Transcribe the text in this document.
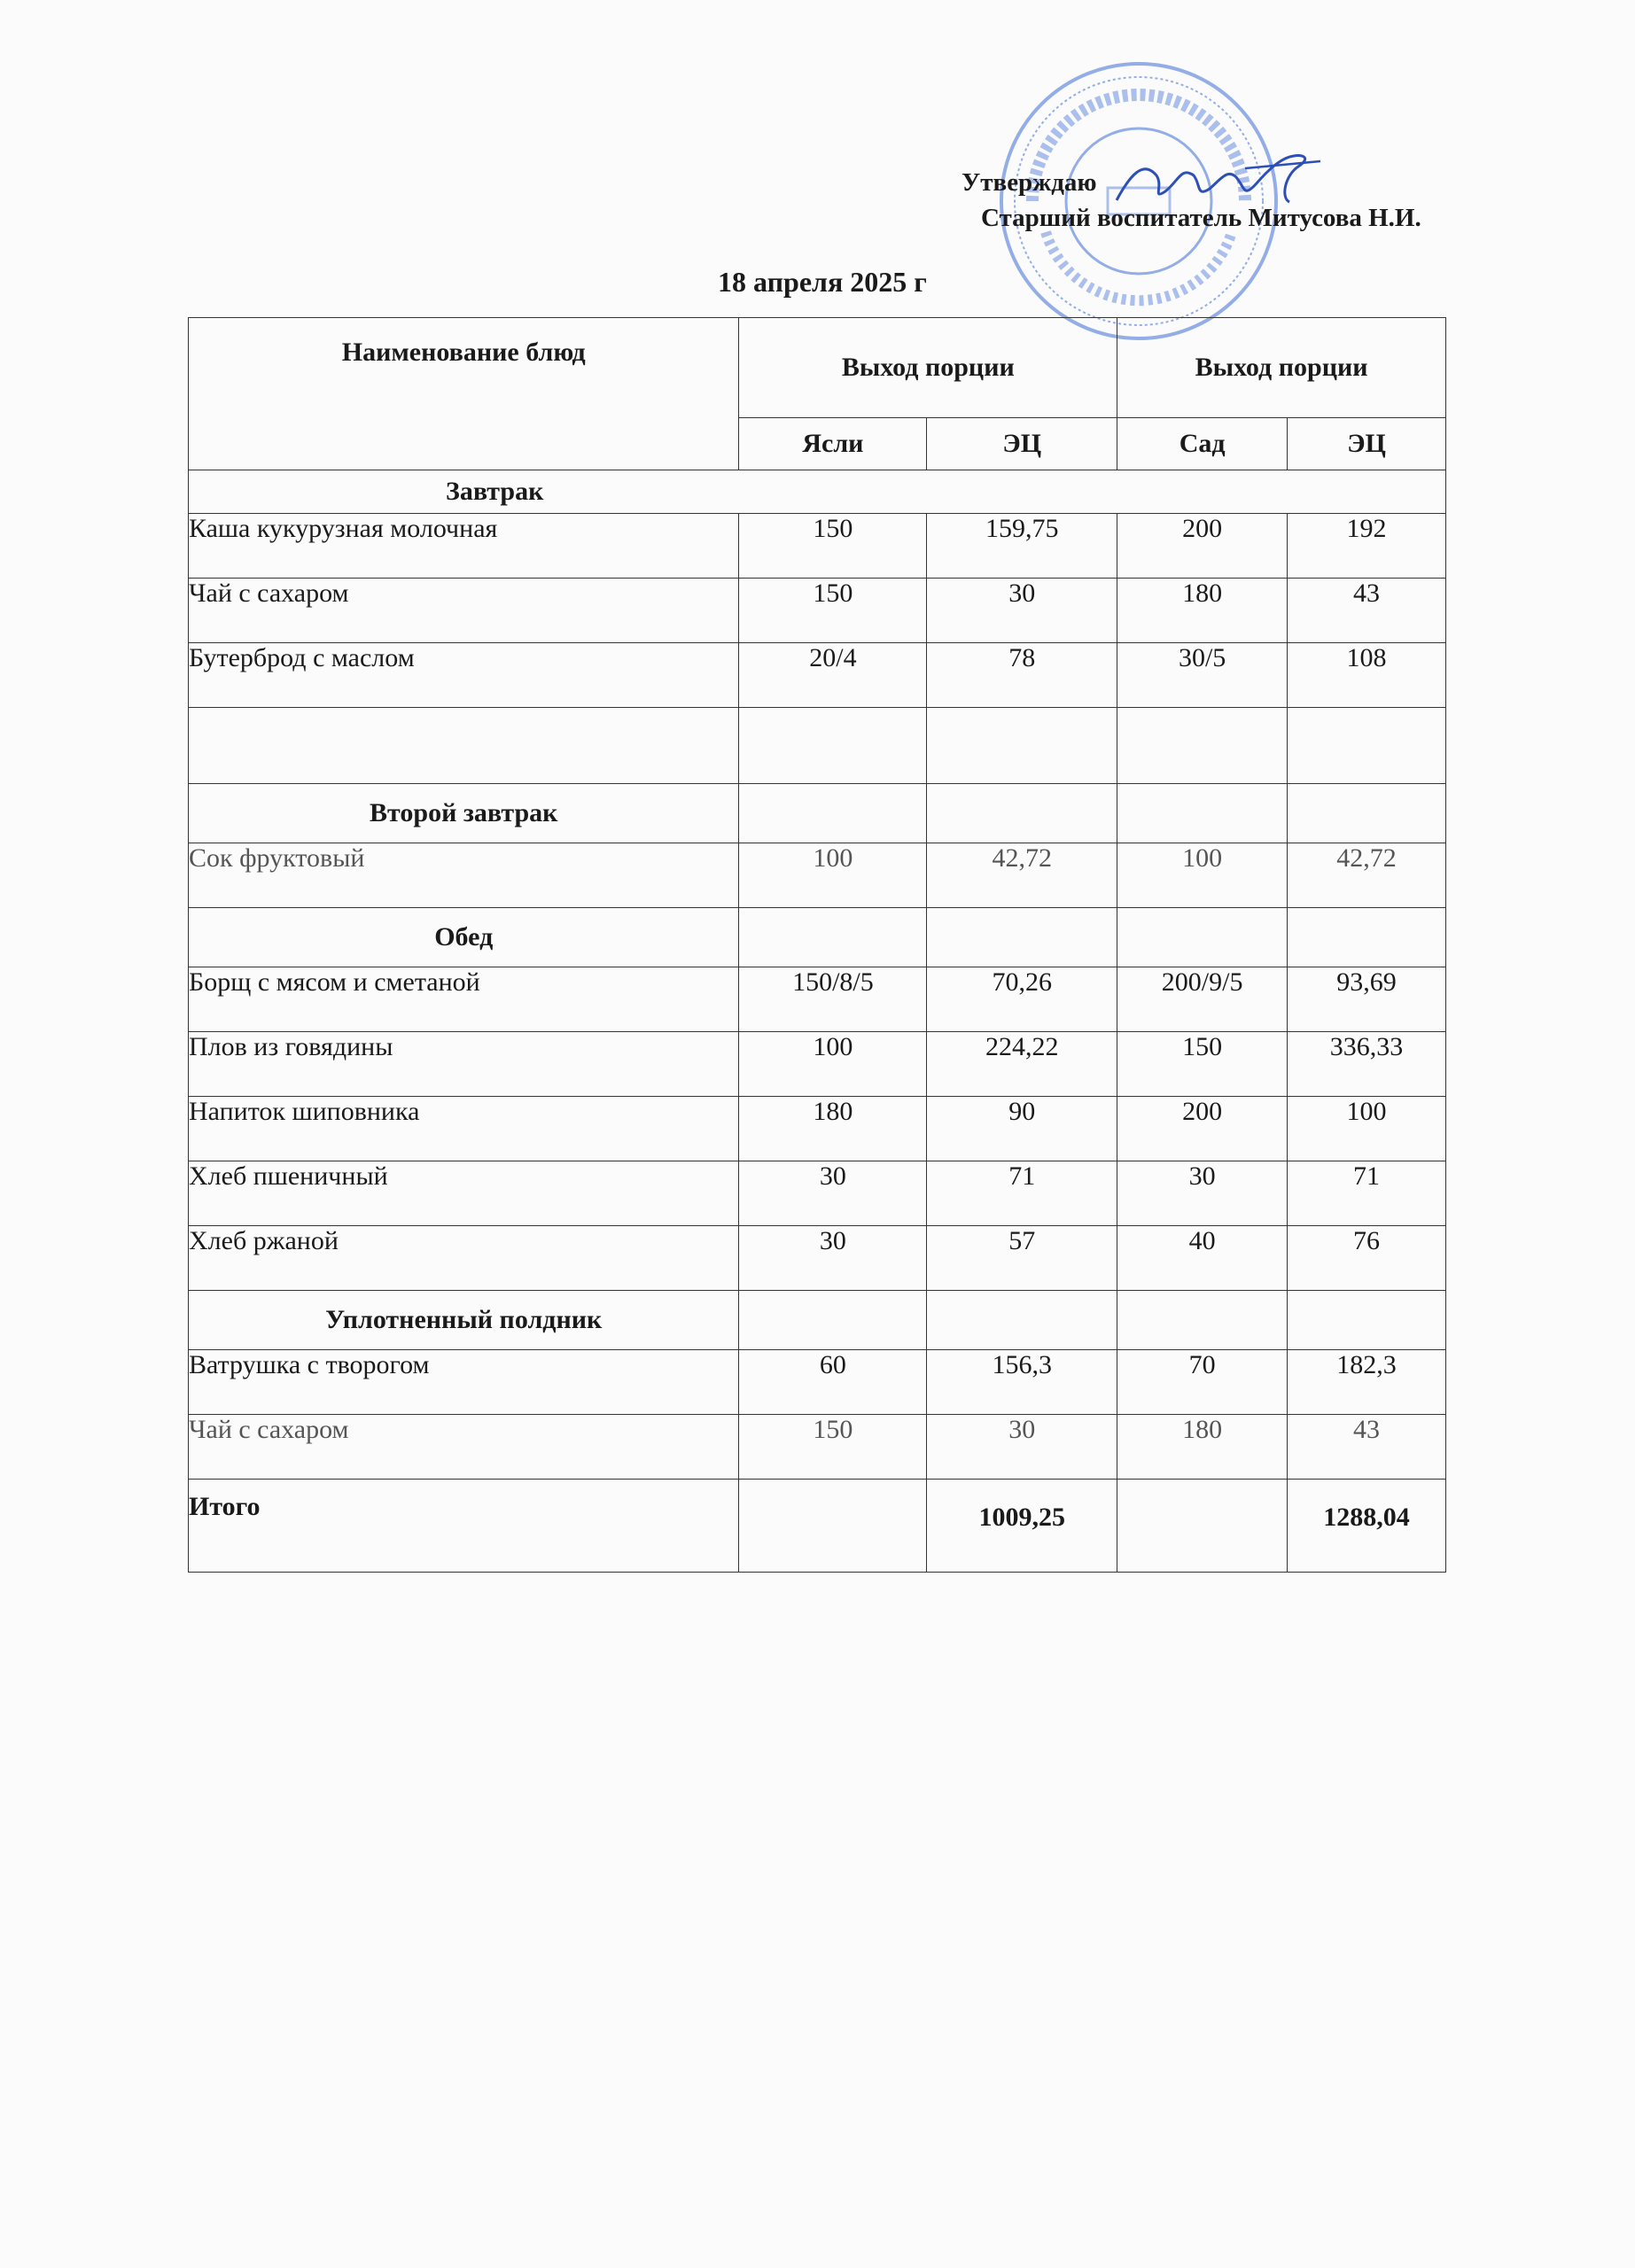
Утверждаю
Старший воспитатель Митусова Н.И.
18 апреля 2025 г
Наименование блюд	Выход порции		Выход порции	
	Ясли	ЭЦ	Сад	ЭЦ
Завтрак				
Каша кукурузная молочная	150	159,75	200	192
Чай с сахаром	150	30	180	43
Бутерброд с маслом	20/4	78	30/5	108

Второй завтрак				
Сок фруктовый	100	42,72	100	42,72
Обед				
Борщ с мясом и сметаной	150/8/5	70,26	200/9/5	93,69
Плов из говядины	100	224,22	150	336,33
Напиток шиповника	180	90	200	100
Хлеб пшеничный	30	71	30	71
Хлеб ржаной	30	57	40	76
Уплотненный полдник				
Ватрушка с творогом	60	156,3	70	182,3
Чай с сахаром	150	30	180	43
Итого		1009,25		1288,04
